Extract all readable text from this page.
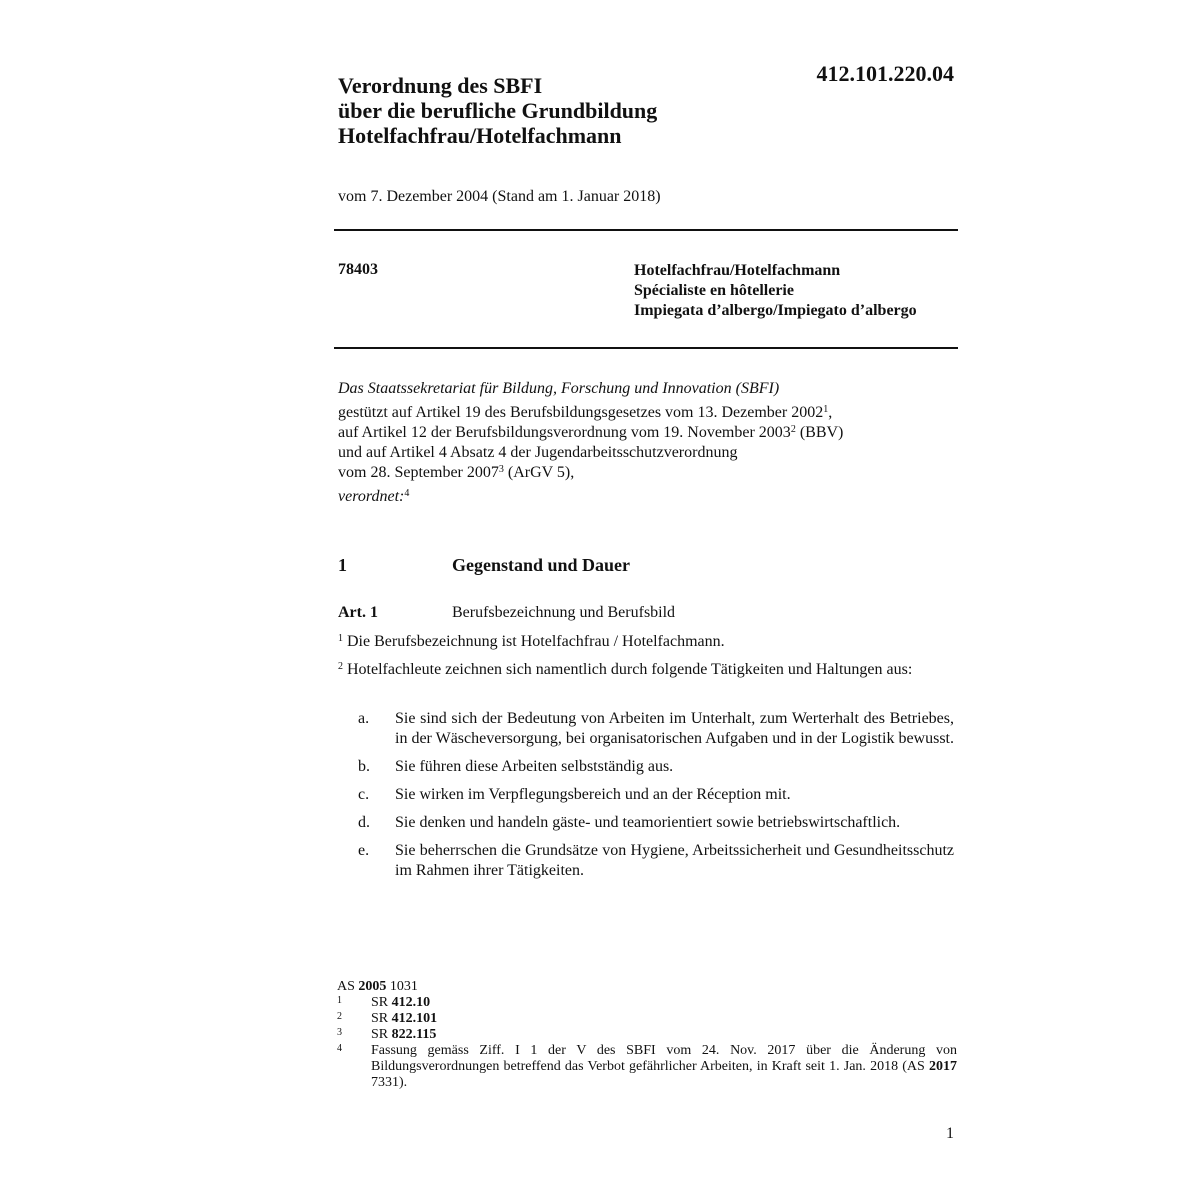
Verordnung des SBFI
über die berufliche Grundbildung
Hotelfachfrau/Hotelfachmann
412.101.220.04
vom 7. Dezember 2004 (Stand am 1. Januar 2018)
78403	Hotelfachfrau/Hotelfachmann
Spécialiste en hôtellerie
Impiegata d’albergo/Impiegato d’albergo

Das Staatssekretariat für Bildung, Forschung und Innovation (SBFI)

gestützt auf Artikel 19 des Berufsbildungsgesetzes vom 13. Dezember 2002$^1$,

auf Artikel 12 der Berufsbildungsverordnung vom 19. November 2003$^2$ (BBV)

und auf Artikel 4 Absatz 4 der Jugendarbeitsschutzverordnung

vom 28. September 2007$^3$ (ArGV 5),

verordnet:$^4$

1	Gegenstand und Dauer
Art. 1	Berufsbezeichnung und Berufsbild

$^1$ Die Berufsbezeichnung ist Hotelfachfrau / Hotelfachmann.

$^2$ Hotelfachleute zeichnen sich namentlich durch folgende Tätigkeiten und Haltungen aus:

a. Sie sind sich der Bedeutung von Arbeiten im Unterhalt, zum Werterhalt des Betriebes, in der Wäscheversorgung, bei organisatorischen Aufgaben und in der Logistik bewusst.
b. Sie führen diese Arbeiten selbstständig aus.
c. Sie wirken im Verpflegungsbereich und an der Réception mit.
d. Sie denken und handeln gäste- und teamorientiert sowie betriebswirtschaftlich.
e. Sie beherrschen die Grundsätze von Hygiene, Arbeitssicherheit und Gesundheitsschutz im Rahmen ihrer Tätigkeiten.
AS 2005 1031
1 SR 412.10
2 SR 412.101
3 SR 822.115
4 Fassung gemäss Ziff. I 1 der V des SBFI vom 24. Nov. 2017 über die Änderung von Bildungsverordnungen betreffend das Verbot gefährlicher Arbeiten, in Kraft seit 1. Jan. 2018 (AS 2017 7331).
1
